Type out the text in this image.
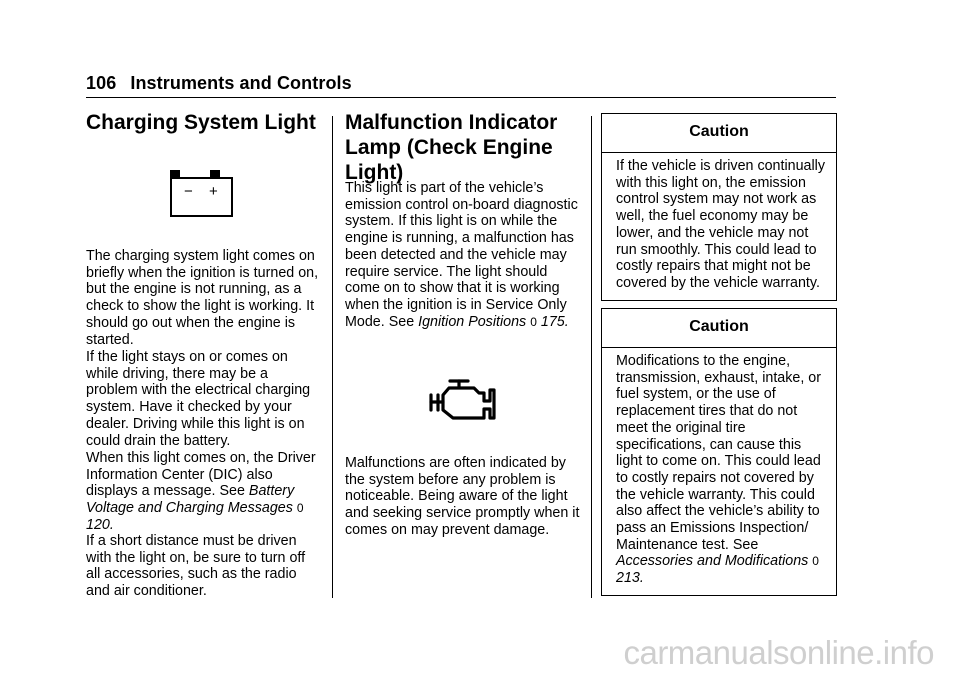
106 Instruments and Controls
Charging System Light
− +

The charging system light comes on briefly when the ignition is turned on, but the engine is not running, as a check to show the light is working. It should go out when the engine is started.

If the light stays on or comes on while driving, there may be a problem with the electrical charging system. Have it checked by your dealer. Driving while this light is on could drain the battery.

When this light comes on, the Driver Information Center (DIC) also displays a message. See Battery Voltage and Charging Messages 0 120.

If a short distance must be driven with the light on, be sure to turn off all accessories, such as the radio and air conditioner.

Malfunction Indicator
Lamp (Check Engine
Light)

This light is part of the vehicle’s emission control on-board diagnostic system. If this light is on while the engine is running, a malfunction has been detected and the vehicle may require service. The light should come on to show that it is working when the ignition is in Service Only Mode. See Ignition Positions 0 175.

Malfunctions are often indicated by the system before any problem is noticeable. Being aware of the light and seeking service promptly when it comes on may prevent damage.

Caution
If the vehicle is driven continually with this light on, the emission control system may not work as well, the fuel economy may be lower, and the vehicle may not run smoothly. This could lead to costly repairs that might not be covered by the vehicle warranty.
Caution
Modifications to the engine, transmission, exhaust, intake, or fuel system, or the use of replacement tires that do not meet the original tire specifications, can cause this light to come on. This could lead to costly repairs not covered by the vehicle warranty. This could also affect the vehicle’s ability to pass an Emissions Inspection/ Maintenance test. See Accessories and Modifications 0 213.
carmanualsonline.info
